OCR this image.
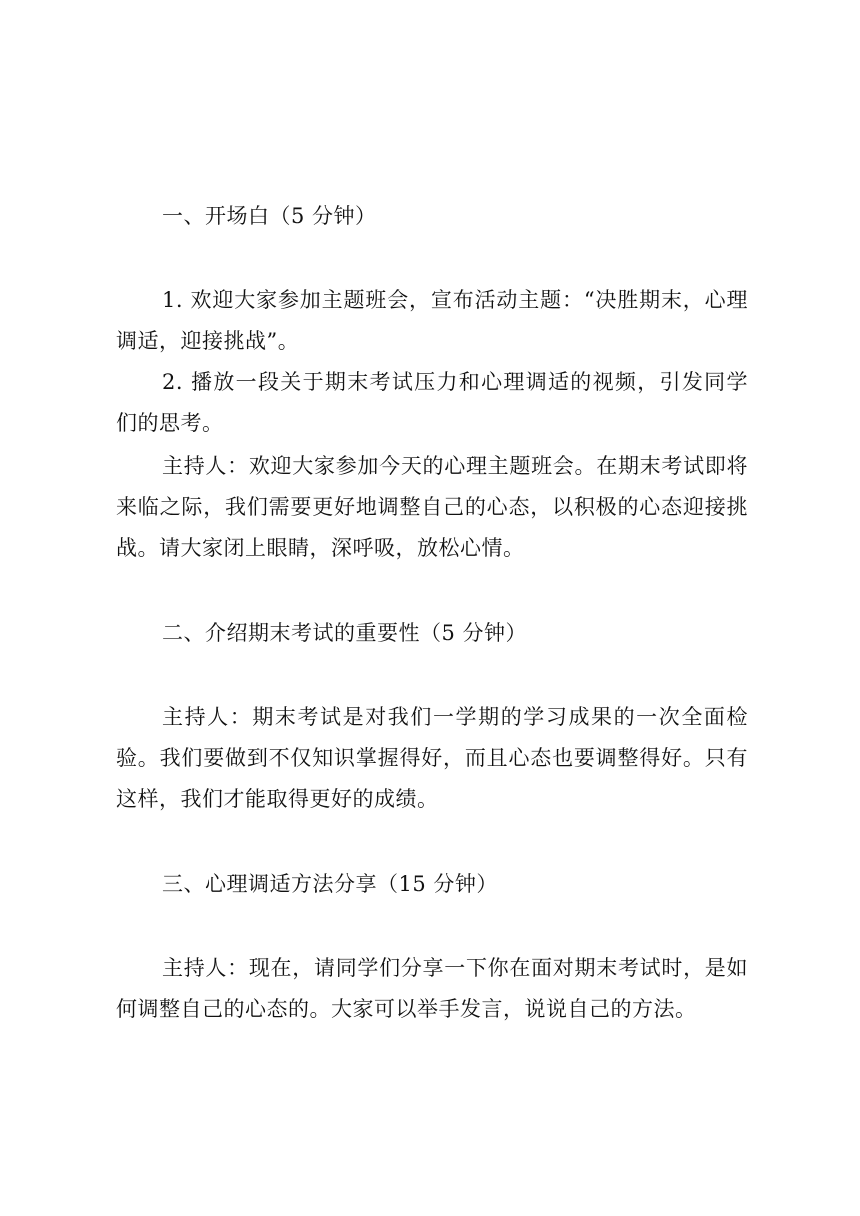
一、开场白（5 分钟）

1. 欢迎大家参加主题班会，宣布活动主题：“决胜期末，心理调适，迎接挑战”。

2. 播放一段关于期末考试压力和心理调适的视频，引发同学们的思考。

主持人：欢迎大家参加今天的心理主题班会。在期末考试即将来临之际，我们需要更好地调整自己的心态，以积极的心态迎接挑战。请大家闭上眼睛，深呼吸，放松心情。

二、介绍期末考试的重要性（5 分钟）

主持人：期末考试是对我们一学期的学习成果的一次全面检验。我们要做到不仅知识掌握得好，而且心态也要调整得好。只有这样，我们才能取得更好的成绩。

三、心理调适方法分享（15 分钟）

主持人：现在，请同学们分享一下你在面对期末考试时，是如何调整自己的心态的。大家可以举手发言，说说自己的方法。
